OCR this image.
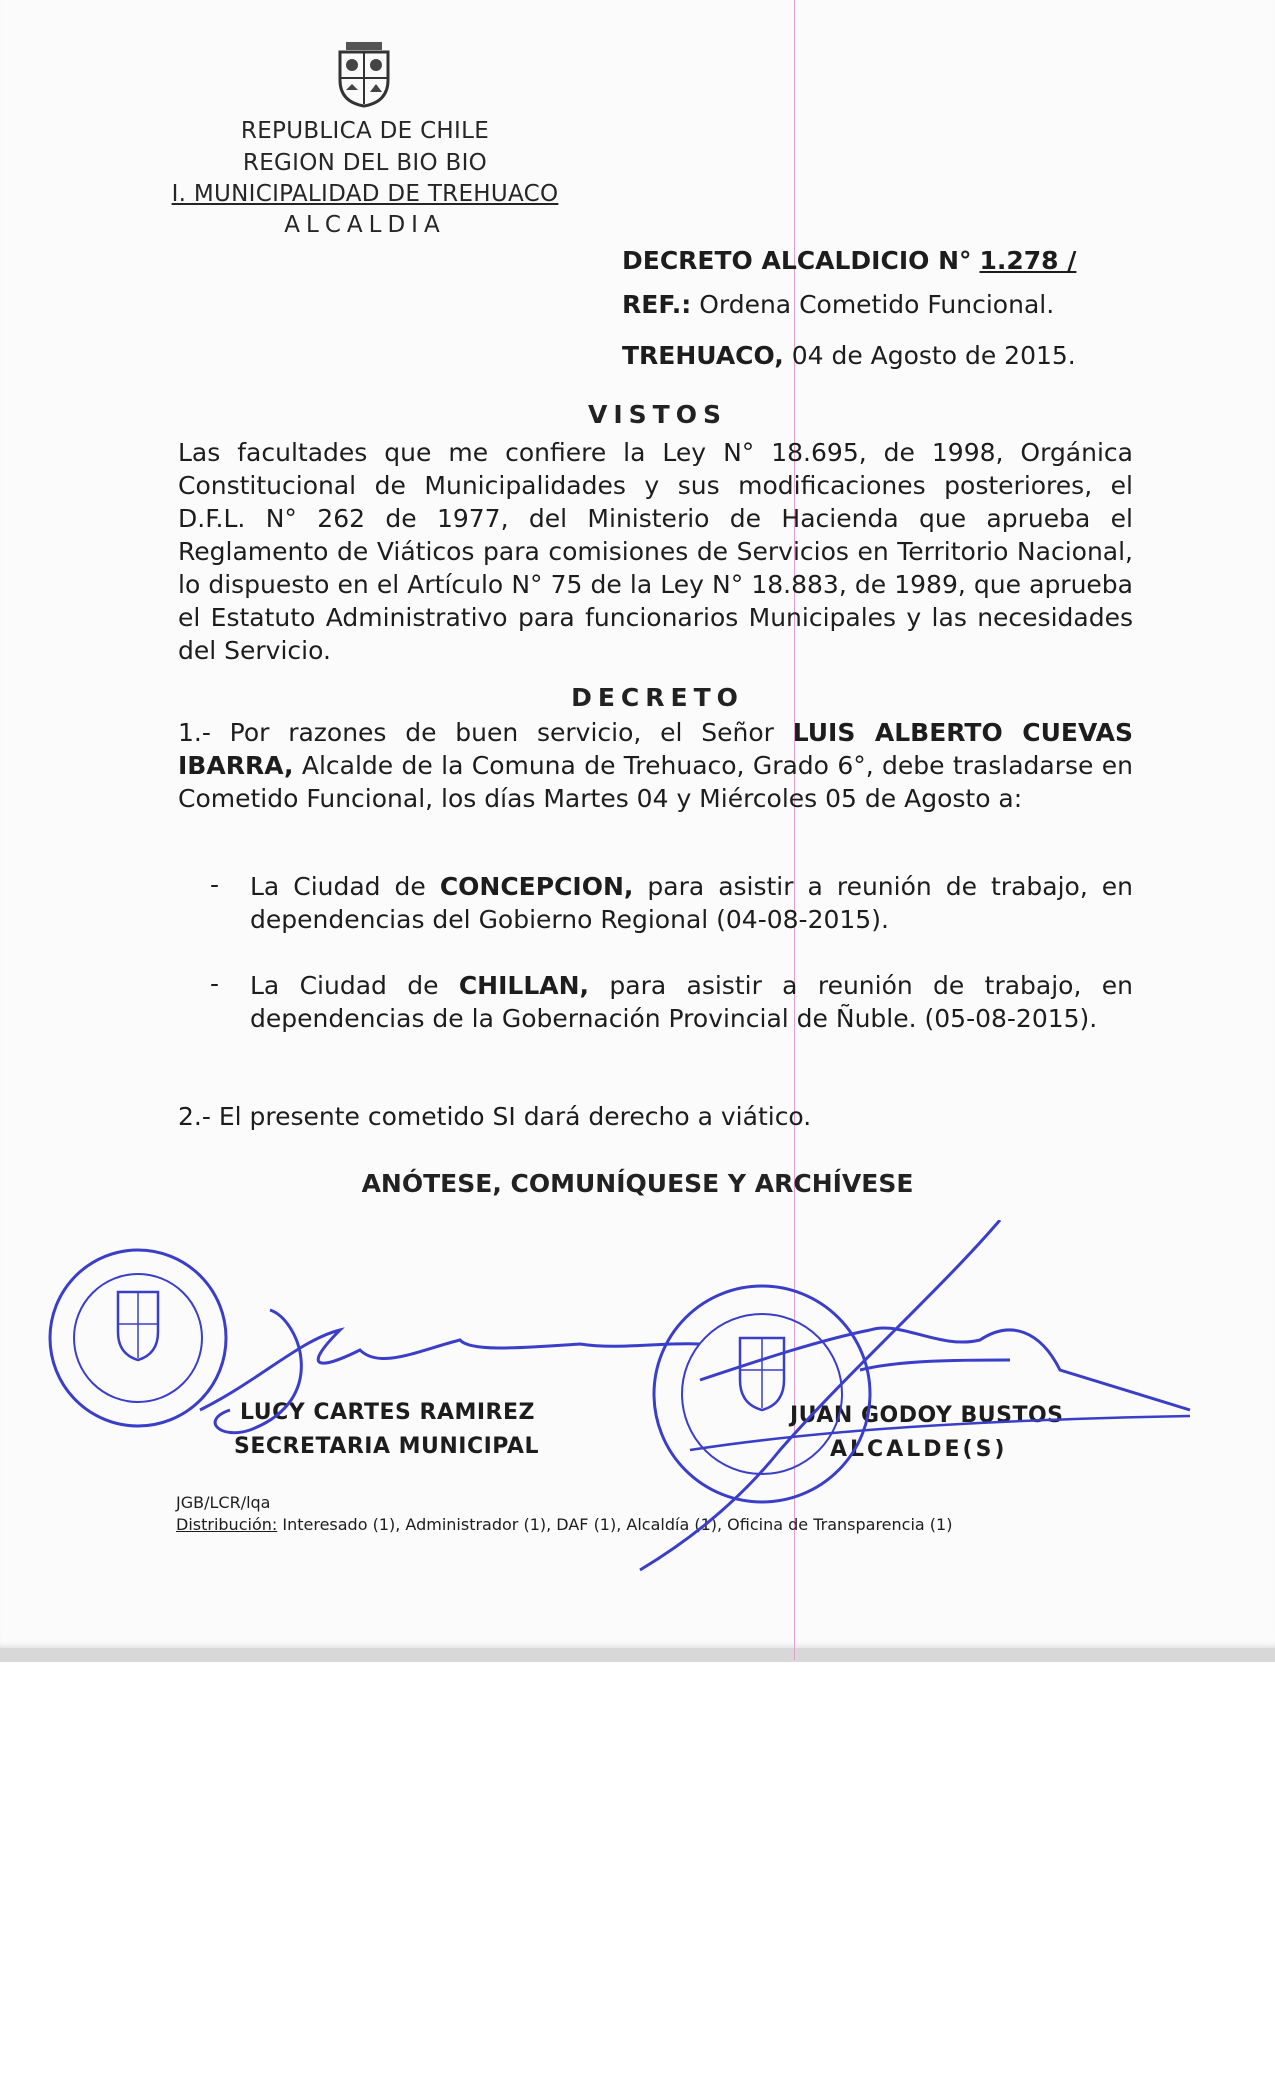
REPUBLICA DE CHILE
REGION DEL BIO BIO
I. MUNICIPALIDAD DE TREHUACO
ALCALDIA
DECRETO ALCALDICIO N° 1.278 /
REF.: Ordena Cometido Funcional.
TREHUACO, 04 de Agosto de 2015.
VISTOS
Las facultades que me confiere la Ley N° 18.695, de 1998, Orgánica Constitucional de Municipalidades y sus modificaciones posteriores, el D.F.L. N° 262 de 1977, del Ministerio de Hacienda que aprueba el Reglamento de Viáticos para comisiones de Servicios en Territorio Nacional, lo dispuesto en el Artículo N° 75 de la Ley N° 18.883, de 1989, que aprueba el Estatuto Administrativo para funcionarios Municipales y las necesidades del Servicio.
DECRETO
1.- Por razones de buen servicio, el Señor LUIS ALBERTO CUEVAS IBARRA, Alcalde de la Comuna de Trehuaco, Grado 6°, debe trasladarse en Cometido Funcional, los días Martes 04 y Miércoles 05 de Agosto a:
- La Ciudad de CONCEPCION, para asistir a reunión de trabajo, en dependencias del Gobierno Regional (04-08-2015).
- La Ciudad de CHILLAN, para asistir a reunión de trabajo, en dependencias de la Gobernación Provincial de Ñuble. (05-08-2015).
2.- El presente cometido SI dará derecho a viático.
ANÓTESE, COMUNÍQUESE Y ARCHÍVESE
LUCY CARTES RAMIREZ
SECRETARIA MUNICIPAL
JUAN GODOY BUSTOS
ALCALDE(S)
JGB/LCR/lqa
Distribución: Interesado (1), Administrador (1), DAF (1), Alcaldía (1), Oficina de Transparencia (1)
